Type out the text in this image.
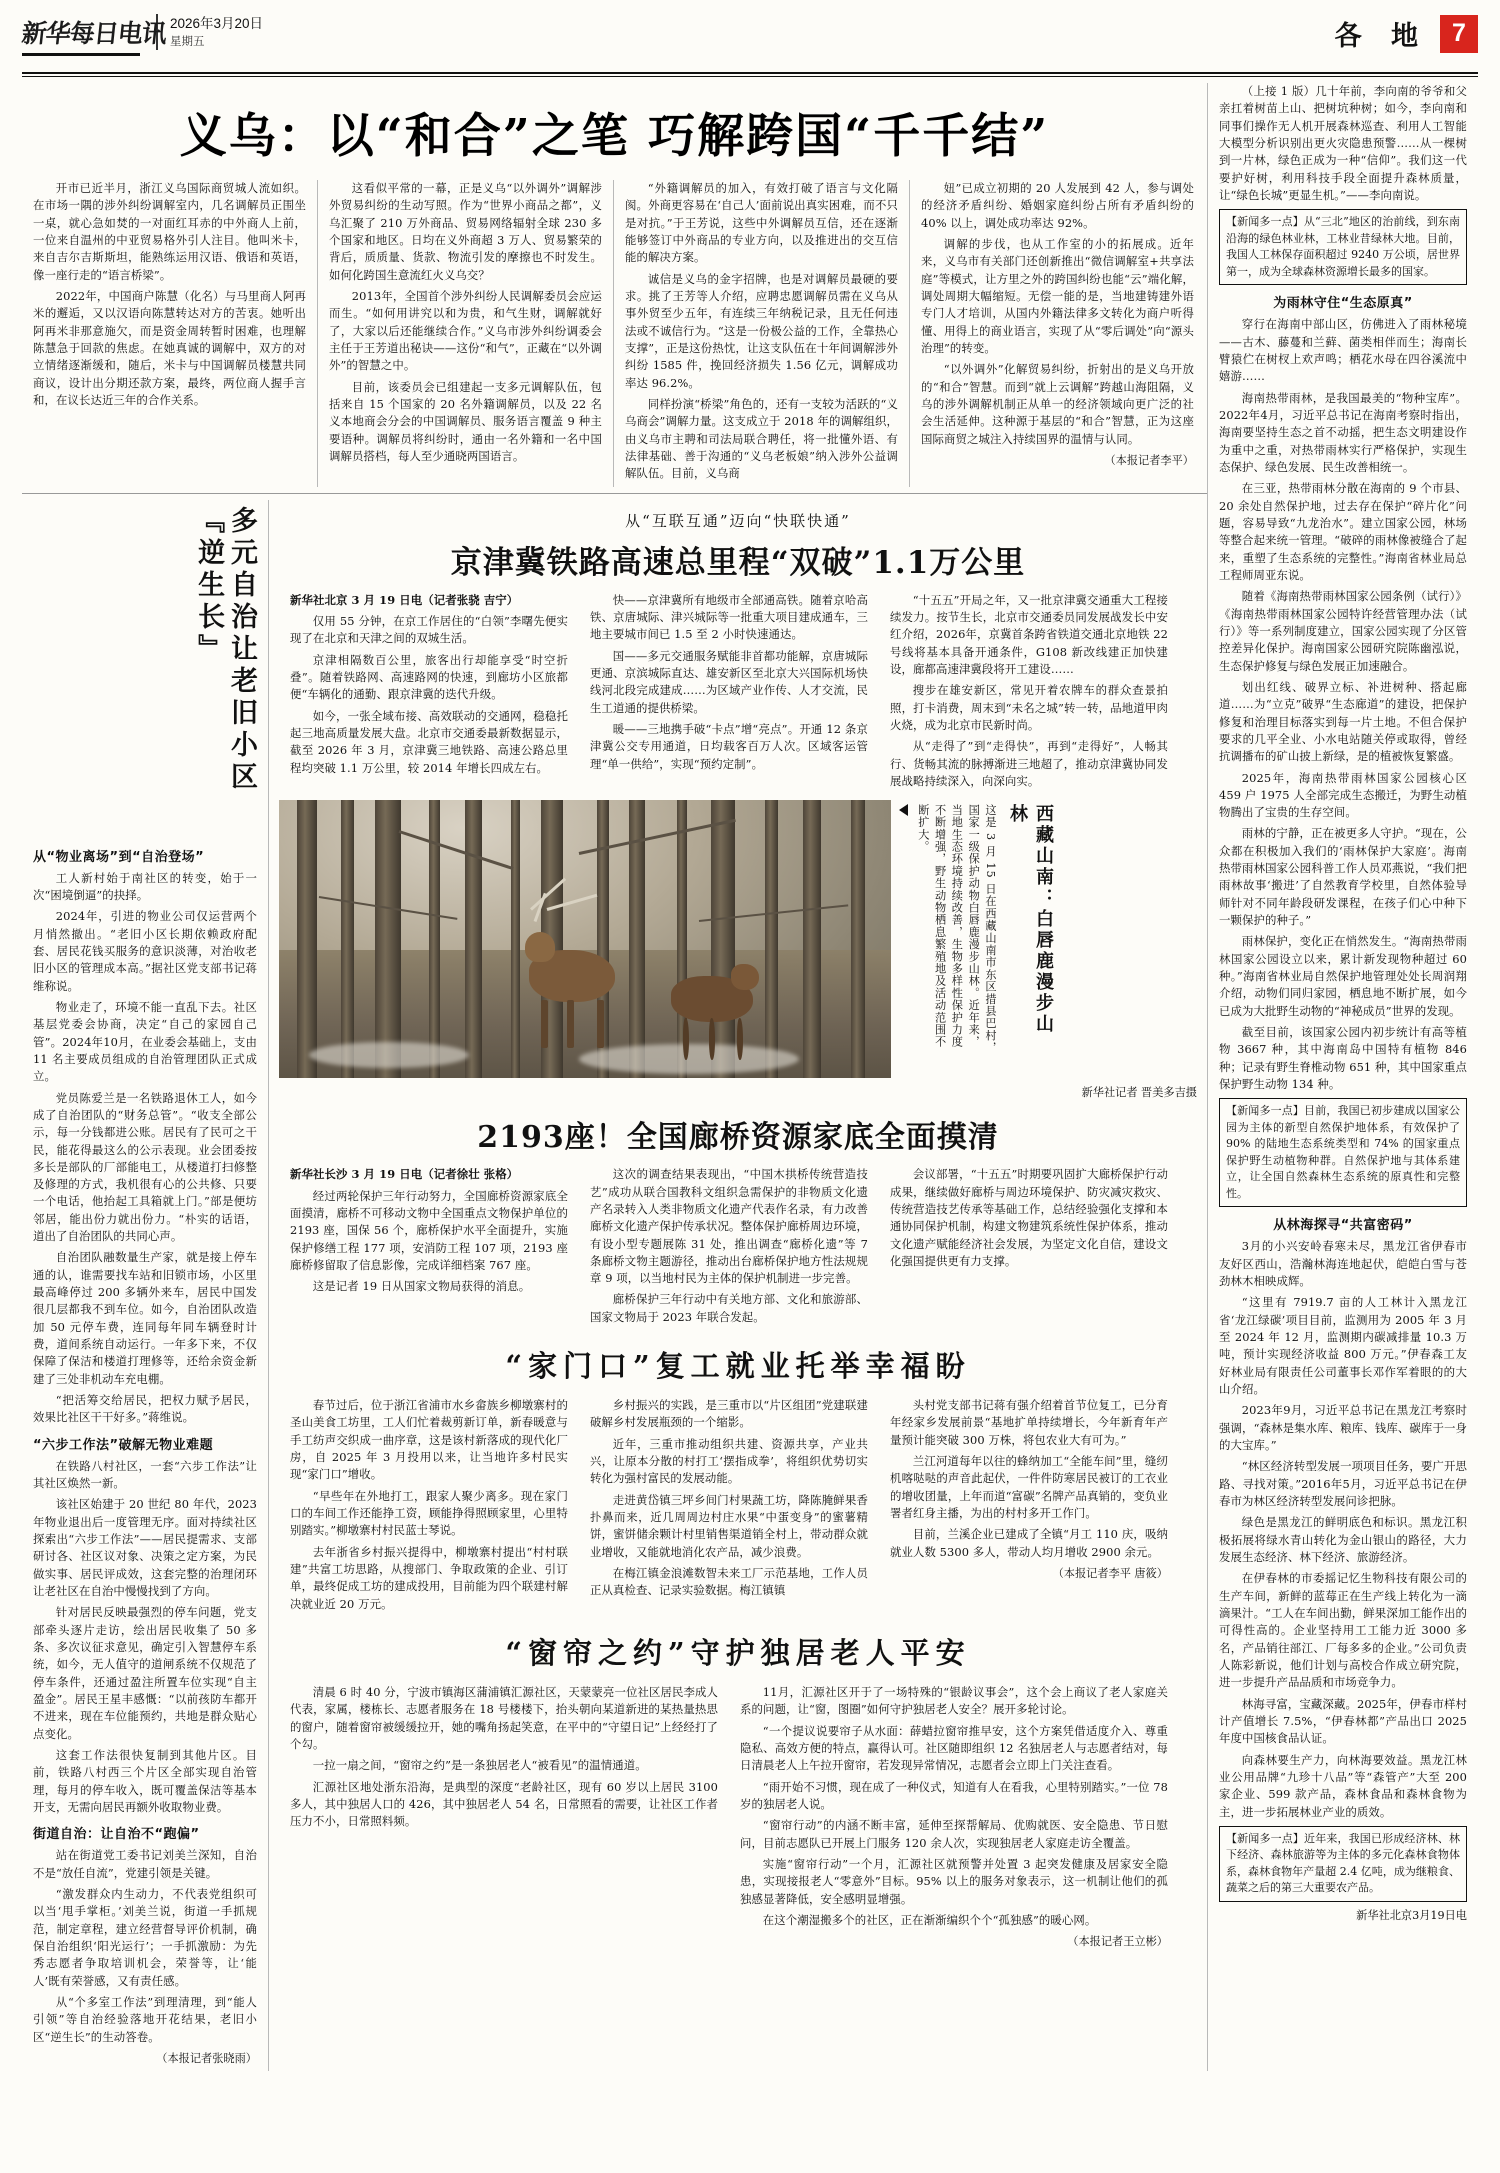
新华每日电讯 2026年3月20日
星期五	各 地 7
义乌：以“和合”之笔 巧解跨国“千千结”

开市已近半月，浙江义乌国际商贸城人流如织。在市场一隅的涉外纠纷调解室内，几名调解员正围坐一桌，就心急如焚的一对面红耳赤的中外商人上前，一位来自温州的中亚贸易格外引人注目。他叫米卡，来自吉尔吉斯斯坦，能熟练运用汉语、俄语和英语，像一座行走的“语言桥梁”。

2022年，中国商户陈慧（化名）与马里商人阿再米的邂逅，又以汉语向陈慧转达对方的苦衷。她听出阿再米非那意施欠，而是资金周转暂时困难，也理解陈慧急于回款的焦虑。在她真诚的调解中，双方的对立情绪逐渐缓和，随后，米卡与中国调解员楼慧共同商议，设计出分期还款方案，最终，两位商人握手言和，在议长达近三年的合作关系。

这看似平常的一幕，正是义乌“以外调外”调解涉外贸易纠纷的生动写照。作为“世界小商品之都”，义乌汇聚了 210 万外商品、贸易网络辐射全球 230 多个国家和地区。日均在义外商超 3 万人、贸易繁荣的背后，质质量、货款、物流引发的摩擦也不时发生。如何化跨国生意流红火义乌交？

2013年，全国首个涉外纠纷人民调解委员会应运而生。“如何用讲究以和为贵，和气生财，调解就好了，大家以后还能继续合作。”义乌市涉外纠纷调委会主任于王芳道出秘诀——这份“和气”，正藏在“以外调外”的智慧之中。

目前，该委员会已组建起一支多元调解队伍，包括来自 15 个国家的 20 名外籍调解员，以及 22 名义本地商会分会的中国调解员、服务语言覆盖 9 种主要语种。调解员将纠纷时，通由一名外籍和一名中国调解员搭档，每人至少通晓两国语言。

“外籍调解员的加入，有效打破了语言与文化隔阂。外商更容易在‘自己人’面前说出真实困难，而不只是对抗。”于王芳说，这些中外调解员互信，还在逐渐能够签订中外商品的专业方向，以及推进出的交互信能的解决方案。

诚信是义乌的金字招牌，也是对调解员最硬的要求。挑了王芳等人介绍，应聘忠愿调解员需在义乌从事外贸至少五年，有连续三年纳税记录，且无任何违法或不诚信行为。“这是一份极公益的工作，全靠热心支撑”，正是这份热忱，让这支队伍在十年间调解涉外纠纷 1585 件，挽回经济损失 1.56 亿元，调解成功率达 96.2%。

同样扮演“桥梁”角色的，还有一支较为活跃的“义乌商会”调解力量。这支成立于 2018 年的调解组织，由义乌市主聘和司法局联合聘任，将一批懂外语、有法律基础、善于沟通的“义乌老板娘”纳入涉外公益调解队伍。目前，义乌商

妞”已成立初期的 20 人发展到 42 人，参与调处的经济矛盾纠纷、婚姻家庭纠纷占所有矛盾纠纷的 40% 以上，调处成功率达 92%。

调解的步伐，也从工作室的小的拓展成。近年来，义乌市有关部门还创新推出“微信调解室+共享法庭”等模式，让方里之外的跨国纠纷也能“云”端化解，调处周期大幅缩短。无偿一能的是，当地建铸建外语专门人才培训，从国内外籍法律多文转化为商户听得懂、用得上的商业语言，实现了从“零后调处”向“源头治理”的转变。

“以外调外”化解贸易纠纷，折射出的是义乌开放的“和合”智慧。而到“就上云调解”跨越山海阻隔，义乌的涉外调解机制正从单一的经济领域向更广泛的社会生活延伸。这种源于基层的“和合”智慧，正为这座国际商贸之城注入持续国界的温情与认同。

（本报记者李平）
多元自治让老旧小区『逆生长』
从“物业离场”到“自治登场”

工人新村始于南社区的转变，始于一次“困境倒逼”的抉择。

2024年，引进的物业公司仅运营两个月悄然撤出。“老旧小区长期依赖政府配套、居民花钱买服务的意识淡薄，对治收老旧小区的管理成本高。”据社区党支部书记蒋维称说。

物业走了，环境不能一直乱下去。社区基层党委会协商，决定“自己的家园自己管”。2024年10月，在业委会基础上，支由 11 名主要成员组成的自治管理团队正式成立。

党员陈爱兰是一名铁路退休工人，如今成了自治团队的“财务总管”。“收支全部公示，每一分钱都进公账。居民有了民可之干民，能花得最这么的公示表现。业会团委按多长是部队的厂部能电工，从楼道打扫修整及修理的方式，我机很有心的公共修、只要一个电话，他抬起工具箱就上门。”部是便坊邻居，能出份力就出份力。“朴实的话语，道出了自治团队的共同心声。

自治团队融数量生产家，就是接上停车通的认，谁需要找车站和旧锁市场，小区里最高峰停过 200 多辆外来车，居民中国发很几层都我不到车位。如今，自治团队改造加 50 元停车费，连同每年同车辆登时计费，道间系统自动运行。一年多下来，不仅保障了保洁和楼道打理修等，还给余资金新建了三处非机动车充电棚。

“把活筹交给居民，把权力赋予居民，效果比社区干干好多。”蒋维说。

“六步工作法”破解无物业难题

在铁路八村社区，一套“六步工作法”让其社区焕然一新。

该社区始建于 20 世纪 80 年代，2023年物业退出后一度管理无序。面对持续社区探索出“六步工作法”——居民提需求、支部研讨各、社区议对象、决策之定方案，为民做实事、居民评成效，这套完整的治理闭环让老社区在自治中慢慢找到了方向。

针对居民反映最强烈的停车问题，党支部牵头逐片走访，绘出居民收集了 50 多条、多次议征求意见，确定引入智慧停车系统，如今，无人值守的道闸系统不仅规范了停车条件，还通过盈注所置车位实现“自主盈金”。居民王星丰感慨：“以前孩防车都开不进来，现在车位能预约，共地是群众贴心点变化。

这套工作法很快复制到其他片区。目前，铁路八村西三个片区全部实现自治管理，每月的停车收入，既可覆盖保洁等基本开支，无需向居民再额外收取物业费。

街道自治：让自治不“跑偏”

站在街道党工委书记刘美兰深知，自治不是“放任自流”，党建引领是关键。

“激发群众内生动力，不代表党组织可以当‘甩手掌柜。’刘美兰说，街道一手抓规范，制定章程，建立经营督导评价机制，确保自治组织‘阳光运行’；一手抓激励：为先秀志愿者争取培训机会，荣誉等，让‘能人’既有荣誉感，又有责任感。

从“个多室工作法”到理清理，到“能人引领”等自治经验落地开花结果，老旧小区“逆生长”的生动答卷。

（本报记者张晓雨）
从“互联互通”迈向“快联快通”
京津冀铁路高速总里程“双破”1.1万公里

新华社北京 3 月 19 日电（记者张骁 吉宁）

仅用 55 分钟，在京工作居住的“白领”李曙先便实现了在北京和天津之间的双城生活。

京津相隔数百公里，旅客出行却能享受“时空折叠”。随着铁路网、高速路网的快速，到廊坊小区旅都便“车辆化的通勤、跟京津冀的迭代升级。

如今，一张全域布接、高效联动的交通网，稳稳托起三地高质量发展大盘。北京市交通委最新数据显示，截至 2026 年 3 月，京津冀三地铁路、高速公路总里程均突破 1.1 万公里，较 2014 年增长四成左右。

快——京津冀所有地级市全部通高铁。随着京哈高铁、京唐城际、津兴城际等一批重大项目建成通车，三地主要城市间已 1.5 至 2 小时快速通达。

国——多元交通服务赋能非首都功能解，京唐城际更通、京滨城际直达、雄安新区至北京大兴国际机场快线河北段完成建成……为区域产业作传、人才交流，民生工道通的提供桥梁。

暖——三地携手破“卡点”增“亮点”。开通 12 条京津冀公交专用通道，日均载客百万人次。区域客运管理“单一供给”，实现“预约定制”。

“十五五”开局之年，又一批京津冀交通重大工程接续发力。按节生长，北京市交通委员同发展战发长中安红介绍，2026年，京冀首条跨省铁道交通北京地铁 22 号线将基本具备开通条件，G108 新改线建正加快建设，廊都高速津冀段将开工建设……

搜步在雄安新区，常见开着农牌车的群众查景拍照，打卡消费，周末到“未名之城”转一转，品地道甲肉火烧，成为北京市民新时尚。

从“走得了”到“走得快”，再到“走得好”，人畅其行、货畅其流的脉搏渐进三地超了，推动京津冀协同发展战略持续深入，向深向实。

这是 3 月 15 日在西藏山南市东区措县巴村，国家一级保护动物白唇鹿漫步山林。近年来，当地生态环境持续改善，生物多样性保护力度不断增强，野生动物栖息繁殖地及活动范围不断扩大。	西藏山南：白唇鹿漫步山林
新华社记者 晋美多吉摄
2193座！全国廊桥资源家底全面摸清

新华社长沙 3 月 19 日电（记者徐壮 张格）

经过两轮保护三年行动努力，全国廊桥资源家底全面摸清，廊桥不可移动文物中全国重点文物保护单位的 2193 座，国保 56 个，廊桥保护水平全面提升，实施保护修缮工程 177 项，安消防工程 107 项，2193 座廊桥修留取了信息影像，完成详细档案 767 座。

这是记者 19 日从国家文物局获得的消息。

这次的调查结果表现出，“中国木拱桥传统营造技艺”成功从联合国教科文组织急需保护的非物质文化遗产名录转入人类非物质文化遗产代表作名录，有力改善廊桥文化遗产保护传承状况。整体保护廊桥周边环境，有设小型专题展陈 31 处，推出调查“廊桥化遗”等 7 条廊桥文物主题游径，推动出台廊桥保护地方性法规规章 9 项，以当地村民为主体的保护机制进一步完善。

廊桥保护三年行动中有关地方部、文化和旅游部、国家文物局于 2023 年联合发起。

会议部署，“十五五”时期要巩固扩大廊桥保护行动成果，继续做好廊桥与周边环境保护、防灾减灾救灾、传统营造技艺传承等基础工作，总结经验强化支撑和本通协同保护机制，构建文物建筑系统性保护体系，推动文化遗产赋能经济社会发展，为坚定文化自信，建设文化强国提供更有力支撑。

“家门口”复工就业托举幸福盼

春节过后，位于浙江省浦市水乡畲族乡柳墩寨村的圣山美食工坊里，工人们忙着裁剪新订单，新春暖意与手工纺声交织成一曲序章，这是该村新落成的现代化厂房，自 2025 年 3 月投用以来，让当地许多村民实现“家门口”增收。

“早些年在外地打工，跟家人聚少离多。现在家门口的车间工作还能挣工资，顾能挣得照顾家里，心里特别踏实。”柳墩寨村村民蓝士琴说。

去年浙省乡村振兴提得中，柳墩寨村提出“村村联建”共富工坊思路，从搜部门、争取政策的企业、引订单，最终促成工坊的建成投用，目前能为四个联建村解决就业近 20 万元。

乡村振兴的实践，是三重市以“片区组团”党建联建破解乡村发展瓶颈的一个缩影。

近年，三重市推动组织共建、资源共享，产业共兴，让原本分散的村打工‘摆指成拳’，将组织优势切实转化为强村富民的发展动能。

走进黄岱镇三坪乡间门村果蔬工坊，降陈腌鲜果香扑鼻而来，近几周周边村庄水果“中蛋变身”的蜜薯精饼，蜜饼储余颗计村里销售渠道销全村上，带动群众就业增收，又能就地消化农产品，减少浪费。

在梅江镇金浪滩数智未来工厂示范基地，工作人员正从真检查、记录实验数据。梅江镇镇

头村党支部书记蒋有强介绍着首节位复工，已分育年经家乡发展前景“基地扩单持续增长，今年新育年产量预计能突破 300 万株，将包农业大有可为。”

兰江河道每年以往的蜂纳加工“全能车间”里，缝纫机喀哒哒的声音此起伏，一件件防寒居民被订的工衣业的增收团量，上年而道“富碳”名牌产品真销的，变负业署者红身主播，为出的村村多开工作门。

目前，兰溪企业已建成了全镇“月工 110 庆，吸纳就业人数 5300 多人，带动人均月增收 2900 余元。

（本报记者李平 唐筱）
“窗帘之约”守护独居老人平安

清晨 6 时 40 分，宁波市镇海区蒲浦镇汇源社区，天蒙蒙亮一位社区居民李成人代表，家属，楼栋长、志愿者服务在 18 号楼楼下，抬头朝向某道新进的某热量热思的窗户，随着窗帘被缓缓拉开，她的嘴角扬起笑意，在平中的“守望日记”上经经打了个勾。

一拉一扇之间，“窗帘之约”是一条独居老人“被看见”的温情通道。

汇源社区地处浙东沿海，是典型的深度“老龄社区，现有 60 岁以上居民 3100 多人，其中独居人口的 426，其中独居老人 54 名，日常照看的需要，让社区工作者压力不小，日常照料频。

11月，汇源社区开于了一场特殊的“银龄议事会”，这个会上商议了老人家庭关系的问题，让“窗，图圈”如何守护独居老人安全？展开多轮讨论。

“一个提议说要帘子从水面：薛蜡拉窗帘推早安，这个方案凭借适度介入、尊重隐私、高效方便的特点，赢得认可。社区随即组织 12 名独居老人与志愿者结对，每日清晨老人上午拉开窗帘，若发现异常情况，志愿者会立即上门关注查看。

“雨开始不习惯，现在成了一种仪式，知道有人在看我，心里特别踏实。”一位 78 岁的独居老人说。

“窗帘行动”的内涵不断丰富，延伸至探帮解局、优购就医、安全隐患、节日慰问，目前志愿队已开展上门服务 120 余人次，实现独居老人家庭走访全覆盖。

实施“窗帘行动”一个月，汇源社区就预警并处置 3 起突发健康及居家安全隐患，实现接报老人“零意外”目标。95% 以上的服务对象表示，这一机制让他们的孤独感显著降低，安全感明显增强。

在这个潮湿搬多个的社区，正在渐渐编织个个“孤独感”的暖心网。

（本报记者王立彬）

（上接 1 版）几十年前，李向南的爷爷和父亲扛着树苗上山、把树坑种树；如今，李向南和同事们操作无人机开展森林巡查、利用人工智能大模型分析识别出更火灾隐患预警……从一棵树到一片林，绿色正成为一种“信仰”。我们这一代要护好树，利用科技手段全面提升森林质量，让“绿色长城”更显生机。”——李向南说。

【新闻多一点】从“三北”地区的治前线，到东南沿海的绿色林业林，工林业昔绿林大地。目前，我国人工林保存面积超过 9240 万公顷，居世界第一，成为全球森林资源增长最多的国家。
为雨林守住“生态原真”

穿行在海南中部山区，仿佛进入了雨林秘境——古木、藤蔓和兰藓、菌类相伴而生；海南长臂猿伫在树杈上欢声鸣；栖花水母在四谷溪流中嬉游……

海南热带雨林，是我国最美的“物种宝库”。2022年4月，习近平总书记在海南考察时指出，海南要坚持生态之首不动摇，把生态文明建设作为重中之重，对热带雨林实行严格保护，实现生态保护、绿色发展、民生改善相统一。

在三亚，热带雨林分散在海南的 9 个市县、20 余处自然保护地，过去存在保护“碎片化”问题，容易导致“九龙治水”。建立国家公园，林场等整合起来统一管理。“破碎的雨林像被缝合了起来，重塑了生态系统的完整性。”海南省林业局总工程师周亚东说。

随着《海南热带雨林国家公园条例（试行）》《海南热带雨林国家公园特许经营管理办法（试行）》等一系列制度建立，国家公园实现了分区管控差异化保护。海南国家公园研究院陈幽泓说，生态保护修复与绿色发展正加速融合。

划出红线、破界立标、补进树种、搭起廊道……为“立克”破界“生态廊道”的建设，把保护修复和治理目标落实到每一片土地。不但合保护要求的几平全业、小水电站随关停或取得，曾经抗调播布的矿山披上新绿，是的植被恢复繁盛。

2025年，海南热带雨林国家公园核心区 459 户 1975 人全部完成生态搬迁，为野生动植物腾出了宝贵的生存空间。

雨林的宁静，正在被更多人守护。“现在，公众都在积极加入我们的‘雨林保护大家庭’。海南热带雨林国家公园科普工作人员邓燕说，“我们把雨林故事‘搬进’了自然教育学校里，自然体验导师针对不同年龄段研发课程，在孩子们心中种下一颗保护的种子。”

雨林保护，变化正在悄然发生。“海南热带雨林国家公园设立以来，累计新发现物种超过 60 种。”海南省林业局自然保护地管理处处长周润翔介绍，动物们同归家园，栖息地不断扩展，如今已成为大批野生动物的“神秘成员”世界的发现。

截至目前，该国家公园内初步统计有高等植物 3667 种，其中海南岛中国特有植物 846 种；记录有野生脊椎动物 651 种，其中国家重点保护野生动物 134 种。

【新闻多一点】目前，我国已初步建成以国家公园为主体的新型自然保护地体系，有效保护了 90% 的陆地生态系统类型和 74% 的国家重点保护野生动植物种群。自然保护地与其体系建立，让全国自然森林生态系统的原真性和完整性。
从林海探寻“共富密码”

3月的小兴安岭春寒未尽，黑龙江省伊春市友好区西山，浩瀚林海连地起伏，皑皑白雪与苍劲林木相映成辉。

“这里有 7919.7 亩的人工林计入黑龙江省‘龙江绿碳’项目目前，监测用为 2005 年 3 月至 2024 年 12 月，监测期内碳减排量 10.3 万吨，预计实现经济收益 800 万元。”伊春森工友好林业局有限责任公司董事长邓作军着眼的的大山介绍。

2023年9月，习近平总书记在黑龙江考察时强调，“森林是集水库、粮库、钱库、碳库于一身的大宝库。”

“林区经济转型发展一项项目任务，要广开思路、寻找对策。”2016年5月，习近平总书记在伊春市为林区经济转型发展问诊把脉。

绿色是黑龙江的鲜明底色和标识。黑龙江积极拓展将绿水青山转化为金山银山的路径，大力发展生态经济、林下经济、旅游经济。

在伊春林的市委摇记忆生物科技有限公司的生产车间，新鲜的蓝莓正在生产线上转化为一滴滴果汁。“工人在车间出勤，鲜果深加工能作出的可得性高的。企业坚持用工工能力近 3000 多名，产品销往部江、厂每多多的企业。”公司负责人陈彩新说，他们计划与高校合作成立研究院，进一步提升产品品质和市场竞争力。

林海寻富，宝藏深藏。2025年，伊春市样村计产值增长 7.5%，“伊春林都”产品出口 2025 年度中国核食品认证。

向森林要生产力，向林海要效益。黑龙江林业公用品牌“九珍十八品”等“森管产”大至 200 家企业、599 款产品，森林食品和森林食物为主，进一步拓展林业产业的质效。

【新闻多一点】近年来，我国已形成经济林、林下经济、森林旅游等为主体的多元化森林食物体系，森林食物年产量超 2.4 亿吨，成为继粮食、蔬菜之后的第三大重要农产品。
新华社北京3月19日电
